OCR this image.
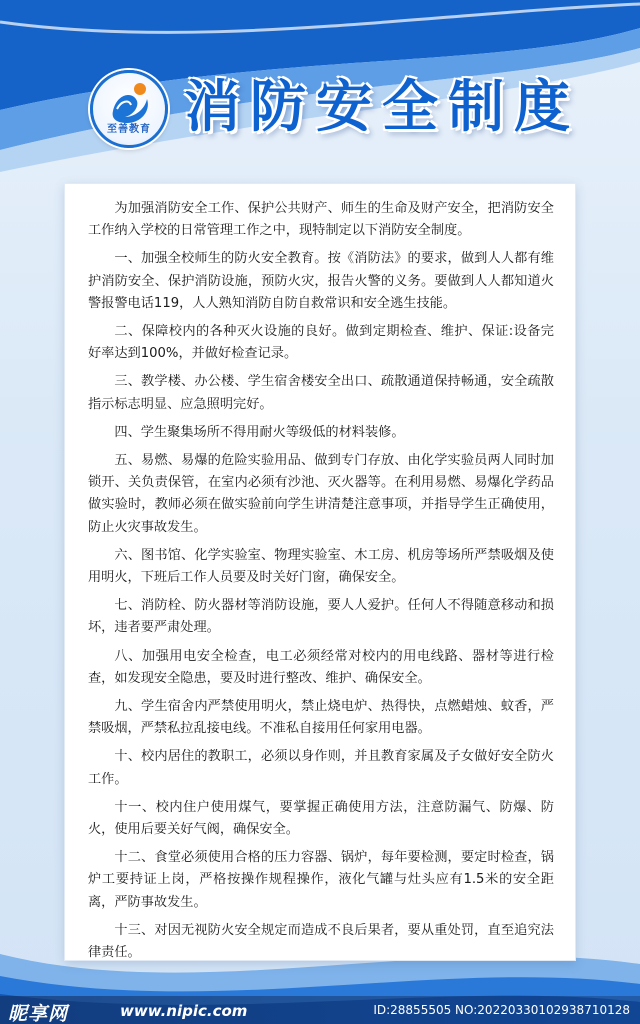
至善教育 消防安全制度

为加强消防安全工作、保护公共财产、师生的生命及财产安全，把消防安全工作纳入学校的日常管理工作之中，现特制定以下消防安全制度。

一、加强全校师生的防火安全教育。按《消防法》的要求，做到人人都有维护消防安全、保护消防设施，预防火灾，报告火警的义务。要做到人人都知道火警报警电话119，人人熟知消防自防自救常识和安全逃生技能。

二、保障校内的各种灭火设施的良好。做到定期检查、维护、保证:设备完好率达到100%，并做好检查记录。

三、教学楼、办公楼、学生宿舍楼安全出口、疏散通道保持畅通，安全疏散指示标志明显、应急照明完好。

四、学生聚集场所不得用耐火等级低的材料装修。

五、易燃、易爆的危险实验用品、做到专门存放、由化学实验员两人同时加锁开、关负责保管，在室内必须有沙池、灭火器等。在利用易燃、易爆化学药品做实验时，教师必须在做实验前向学生讲清楚注意事项，并指导学生正确使用，防止火灾事故发生。

六、图书馆、化学实验室、物理实验室、木工房、机房等场所严禁吸烟及使用明火，下班后工作人员要及时关好门窗，确保安全。

七、消防栓、防火器材等消防设施，要人人爱护。任何人不得随意移动和损坏，违者要严肃处理。

八、加强用电安全检查，电工必须经常对校内的用电线路、器材等进行检查，如发现安全隐患，要及时进行整改、维护、确保安全。

九、学生宿舍内严禁使用明火，禁止烧电炉、热得快，点燃蜡烛、蚊香，严禁吸烟，严禁私拉乱接电线。不准私自接用任何家用电器。

十、校内居住的教职工，必须以身作则，并且教育家属及子女做好安全防火工作。

十一、校内住户使用煤气，要掌握正确使用方法，注意防漏气、防爆、防火，使用后要关好气阀，确保安全。

十二、食堂必须使用合格的压力容器、锅炉，每年要检测，要定时检查，锅炉工要持证上岗，严格按操作规程操作，液化气罐与灶头应有1.5米的安全距离，严防事故发生。

十三、对因无视防火安全规定而造成不良后果者，要从重处罚，直至追究法律责任。

昵享网	www.nipic.com	ID:28855505 NO:20220330102938710128
